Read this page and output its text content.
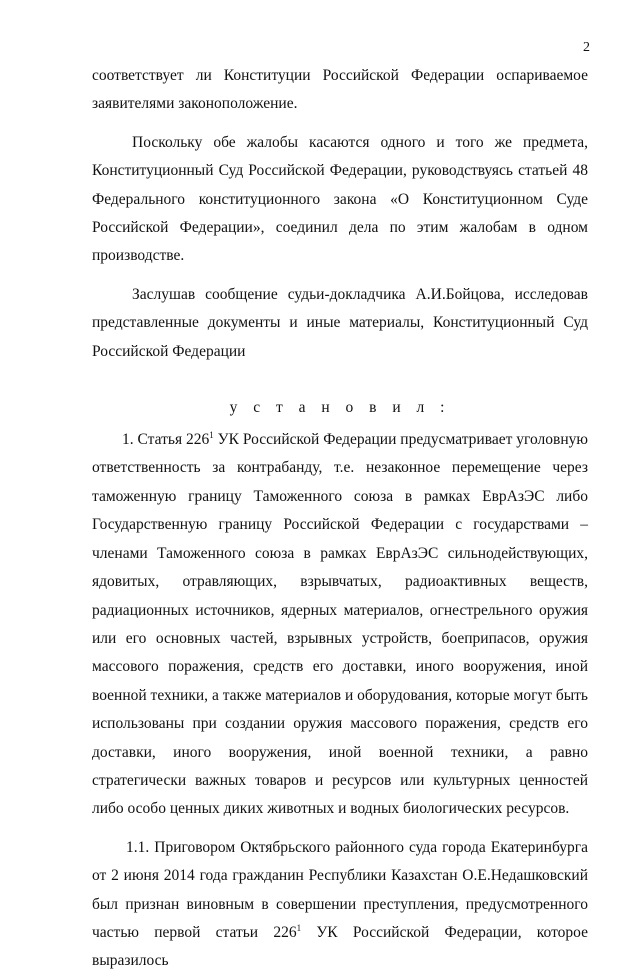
2

соответствует ли Конституции Российской Федерации оспариваемое заявителями законоположение.

Поскольку обе жалобы касаются одного и того же предмета, Конституционный Суд Российской Федерации, руководствуясь статьей 48 Федерального конституционного закона «О Конституционном Суде Российской Федерации», соединил дела по этим жалобам в одном производстве.

Заслушав сообщение судьи-докладчика А.И.Бойцова, исследовав представленные документы и иные материалы, Конституционный Суд Российской Федерации

у с т а н о в и л :

1. Статья $226^1$ УК Российской Федерации предусматривает уголовную ответственность за контрабанду, т.е. незаконное перемещение через таможенную границу Таможенного союза в рамках ЕврАзЭС либо Государственную границу Российской Федерации с государствами – членами Таможенного союза в рамках ЕврАзЭС сильнодействующих, ядовитых, отравляющих, взрывчатых, радиоактивных веществ, радиационных источников, ядерных материалов, огнестрельного оружия или его основных частей, взрывных устройств, боеприпасов, оружия массового поражения, средств его доставки, иного вооружения, иной военной техники, а также материалов и оборудования, которые могут быть использованы при создании оружия массового поражения, средств его доставки, иного вооружения, иной военной техники, а равно стратегически важных товаров и ресурсов или культурных ценностей либо особо ценных диких животных и водных биологических ресурсов.

1.1. Приговором Октябрьского районного суда города Екатеринбурга от 2 июня 2014 года гражданин Республики Казахстан О.Е.Недашковский был признан виновным в совершении преступления, предусмотренного частью первой статьи $226^1$ УК Российской Федерации, которое выразилось
